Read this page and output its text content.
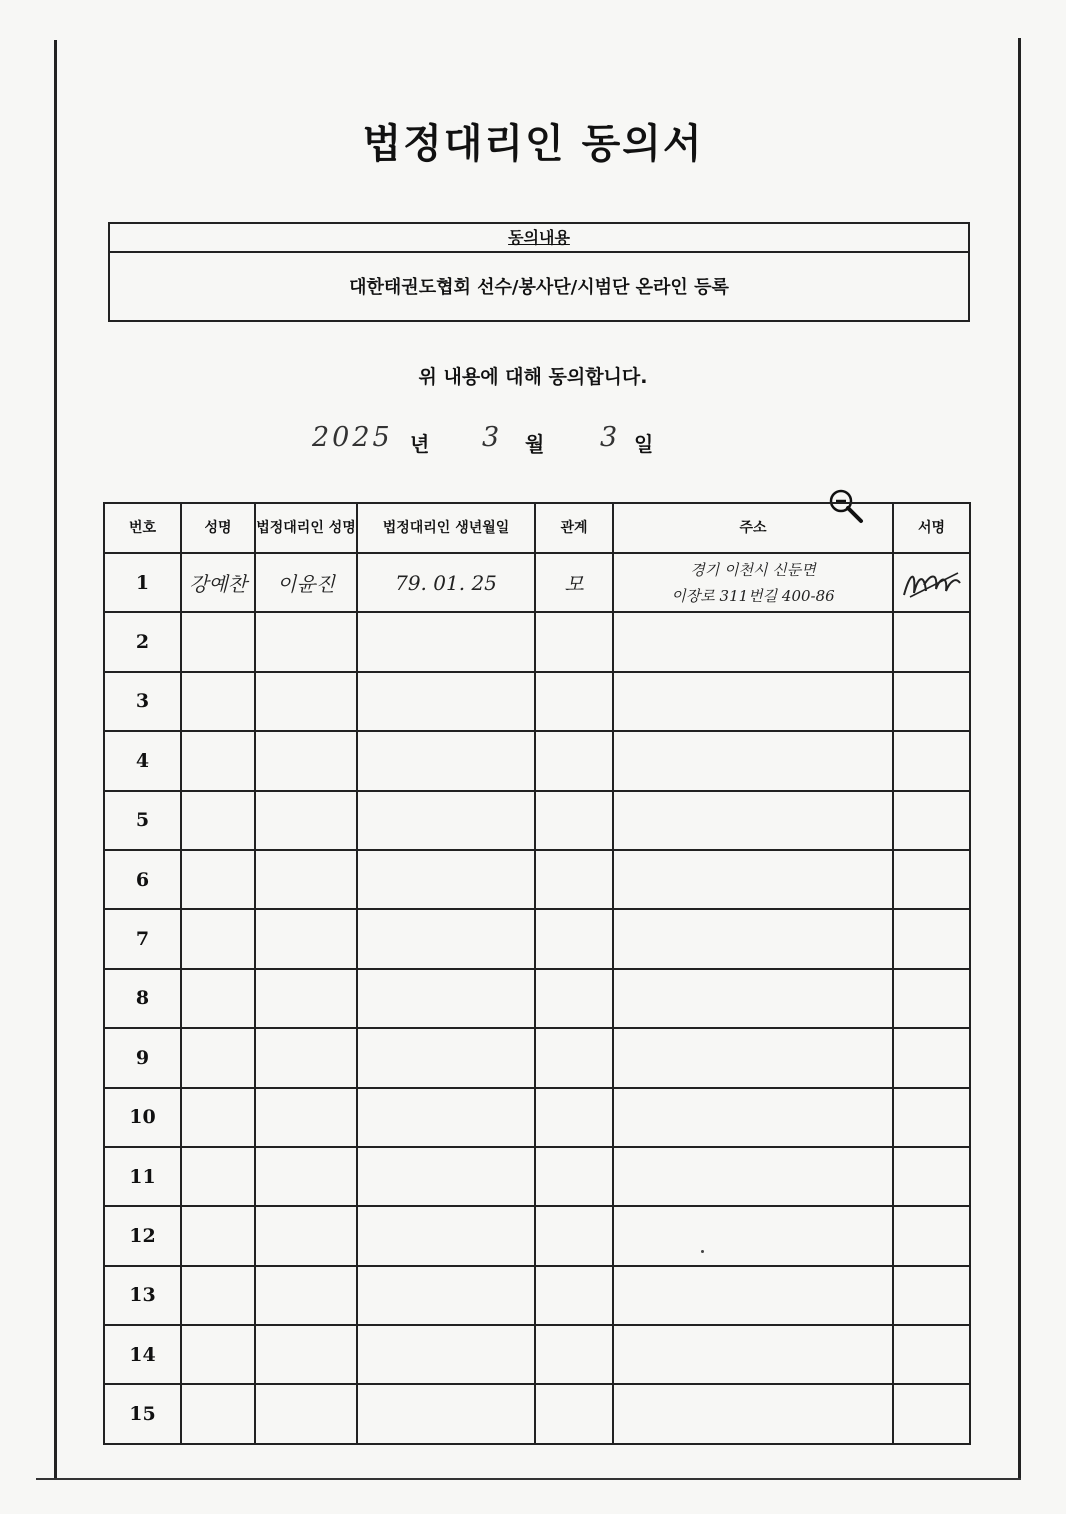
법정대리인 동의서
동의내용
대한태권도협회 선수/봉사단/시범단 온라인 등록
위 내용에 대해 동의합니다.
2025 년 3 월 3 일
번호	성명	법정대리인 성명	법정대리인 생년월일	관계	주소	서명
1	강예찬	이윤진	79. 01. 25	모	경기 이천시 신둔면
이장로 311번길 400-86

2						
3						
4						
5						
6						
7						
8						
9						
10						
11						
12						
13						
14						
15						
